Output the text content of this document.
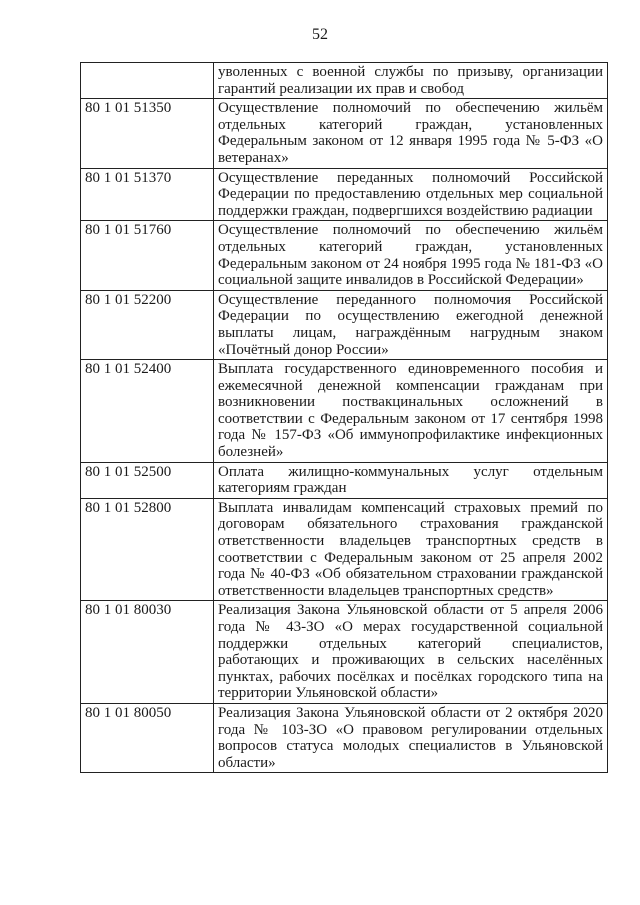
52
	уволенных с военной службы по призыву, организации гарантий реализации их прав и свобод
80 1 01 51350	Осуществление полномочий по обеспечению жильём отдельных категорий граждан, установленных Федеральным законом от 12 января 1995 года № 5-ФЗ «О ветеранах»
80 1 01 51370	Осуществление переданных полномочий Российской Федерации по предоставлению отдельных мер социальной поддержки граждан, подвергшихся воздействию радиации
80 1 01 51760	Осуществление полномочий по обеспечению жильём отдельных категорий граждан, установленных Федеральным законом от 24 ноября 1995 года № 181-ФЗ «О социальной защите инвалидов в Российской Федерации»
80 1 01 52200	Осуществление переданного полномочия Российской Федерации по осуществлению ежегодной денежной выплаты лицам, награждённым нагрудным знаком «Почётный донор России»
80 1 01 52400	Выплата государственного единовременного пособия и ежемесячной денежной компенсации гражданам при возникновении поствакцинальных осложнений в соответствии с Федеральным законом от 17 сентября 1998 года № 157-ФЗ «Об иммунопрофилактике инфекционных болезней»
80 1 01 52500	Оплата жилищно-коммунальных услуг отдельным категориям граждан
80 1 01 52800	Выплата инвалидам компенсаций страховых премий по договорам обязательного страхования гражданской ответственности владельцев транспортных средств в соответствии с Федеральным законом от 25 апреля 2002 года № 40-ФЗ «Об обязательном страховании гражданской ответственности владельцев транспортных средств»
80 1 01 80030	Реализация Закона Ульяновской области от 5 апреля 2006 года № 43-ЗО «О мерах государственной социальной поддержки отдельных категорий специалистов, работающих и проживающих в сельских населённых пунктах, рабочих посёлках и посёлках городского типа на территории Ульяновской области»
80 1 01 80050	Реализация Закона Ульяновской области от 2 октября 2020 года № 103-ЗО «О правовом регулировании отдельных вопросов статуса молодых специалистов в Ульяновской области»
